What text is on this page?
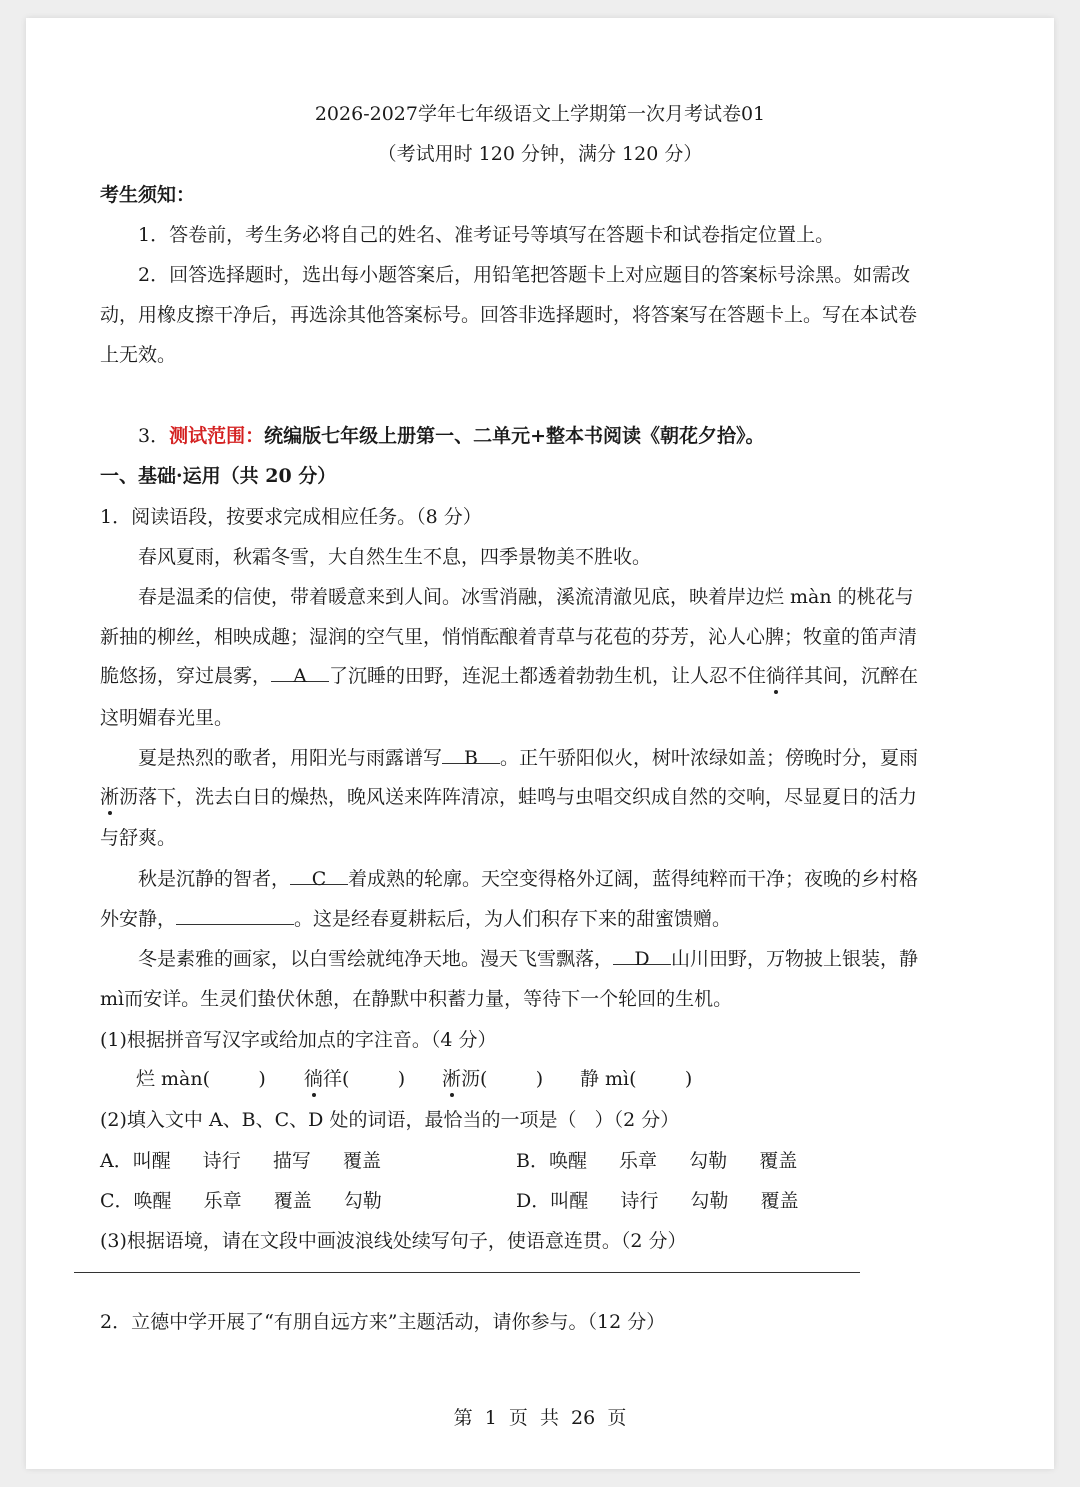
2026-2027学年七年级语文上学期第一次月考试卷01

（考试用时 120 分钟，满分 120 分）

考生须知：

1．答卷前，考生务必将自己的姓名、准考证号等填写在答题卡和试卷指定位置上。

2．回答选择题时，选出每小题答案后，用铅笔把答题卡上对应题目的答案标号涂黑。如需改

动，用橡皮擦干净后，再选涂其他答案标号。回答非选择题时，将答案写在答题卡上。写在本试卷

上无效。

3．测试范围：统编版七年级上册第一、二单元+整本书阅读《朝花夕拾》。

一、基础·运用（共 20 分）

1．阅读语段，按要求完成相应任务。（8 分）

春风夏雨，秋霜冬雪，大自然生生不息，四季景物美不胜收。

春是温柔的信使，带着暖意来到人间。冰雪消融，溪流清澈见底，映着岸边烂 màn 的桃花与

新抽的柳丝，相映成趣；湿润的空气里，悄悄酝酿着青草与花苞的芬芳，沁人心脾；牧童的笛声清

脆悠扬，穿过晨雾， A 了沉睡的田野，连泥土都透着勃勃生机，让人忍不住徜徉其间，沉醉在

这明媚春光里。

夏是热烈的歌者，用阳光与雨露谱写 B 。正午骄阳似火，树叶浓绿如盖；傍晚时分，夏雨

淅沥落下，洗去白日的燥热，晚风送来阵阵清凉，蛙鸣与虫唱交织成自然的交响，尽显夏日的活力

与舒爽。

秋是沉静的智者， C 着成熟的轮廓。天空变得格外辽阔，蓝得纯粹而干净；夜晚的乡村格

外安静，	。这是经春夏耕耘后，为人们积存下来的甜蜜馈赠。

冬是素雅的画家，以白雪绘就纯净天地。漫天飞雪飘落， D 山川田野，万物披上银装，静

mì而安详。生灵们蛰伏休憩，在静默中积蓄力量，等待下一个轮回的生机。

(1)根据拼音写汉字或给加点的字注音。（4 分）

烂 màn(        ) 徜徉(        ) 淅沥(        ) 静 mì(        )

(2)填入文中 A、B、C、D 处的词语，最恰当的一项是（   ）（2 分）

A．叫醒  诗行  描写  覆盖	B．唤醒  乐章  勾勒  覆盖

C．唤醒  乐章  覆盖  勾勒	D．叫醒  诗行  勾勒  覆盖

(3)根据语境，请在文段中画波浪线处续写句子，使语意连贯。（2 分）

2．立德中学开展了“有朋自远方来”主题活动，请你参与。（12 分）

第  1  页  共  26  页
